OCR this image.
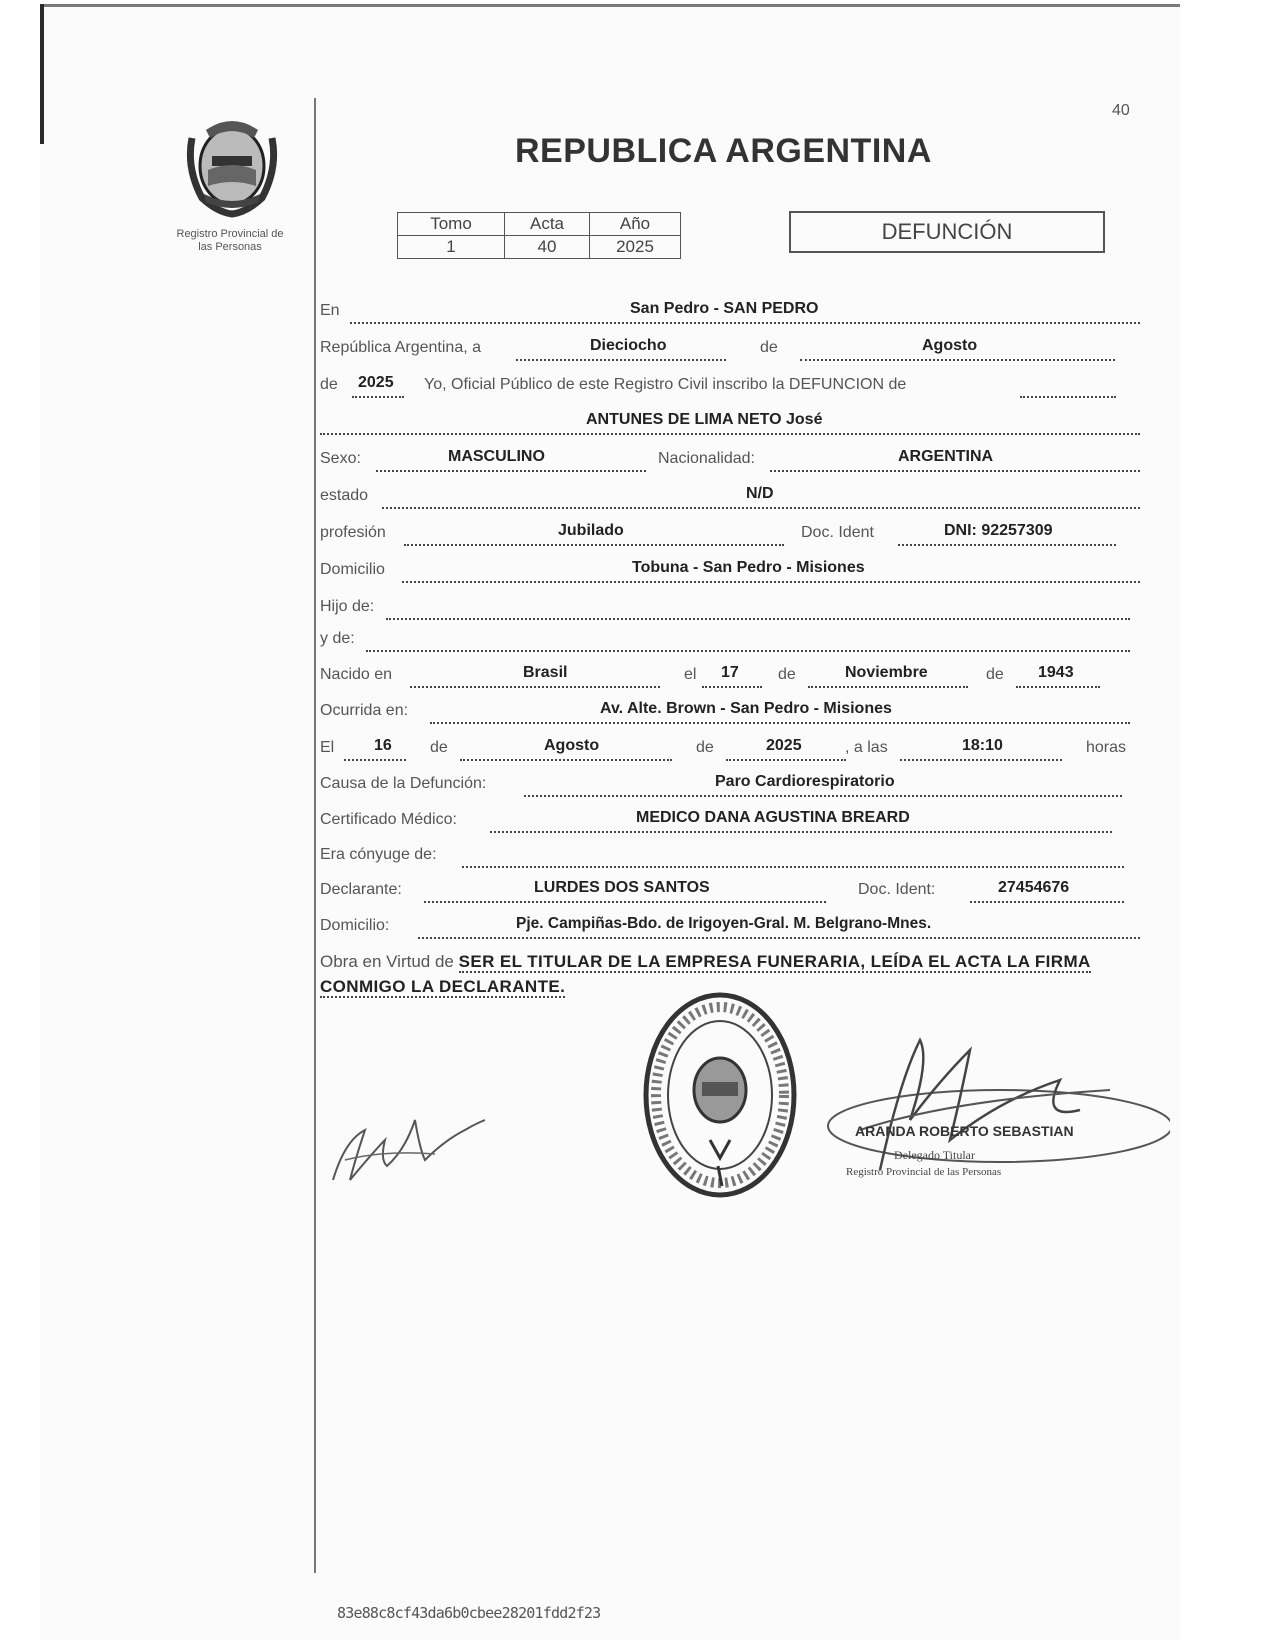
Registro Provincial de
las Personas
40
REPUBLICA ARGENTINA
Tomo	Acta	Año
1	40	2025
DEFUNCIÓN
En	San Pedro - SAN PEDRO
República Argentina, a	Dieciocho	de	Agosto
de 2025 Yo, Oficial Público de este Registro Civil inscribo la DEFUNCION de
ANTUNES DE LIMA NETO José
Sexo:	MASCULINO	Nacionalidad:	ARGENTINA
estado	N/D
profesión	Jubilado	Doc. Ident	DNI: 92257309
Domicilio	Tobuna - San Pedro - Misiones
Hijo de:
y de:
Nacido en	Brasil	el 17 de	Noviembre	de 1943
Ocurrida en:	Av. Alte. Brown - San Pedro - Misiones
El 16 de	Agosto	de	2025	, a las	18:10	horas
Causa de la Defunción:	Paro Cardiorespiratorio
Certificado Médico:	MEDICO DANA AGUSTINA BREARD
Era cónyuge de:
Declarante:	LURDES DOS SANTOS	Doc. Ident:	27454676
Domicilio:	Pje. Campiñas-Bdo. de Irigoyen-Gral. M. Belgrano-Mnes.
Obra en Virtud de SER EL TITULAR DE LA EMPRESA FUNERARIA, LEÍDA EL ACTA LA FIRMA CONMIGO LA DECLARANTE.
ARANDA ROBERTO SEBASTIAN
Delegado Titular
Registro Provincial de las Personas
83e88c8cf43da6b0cbee28201fdd2f23
